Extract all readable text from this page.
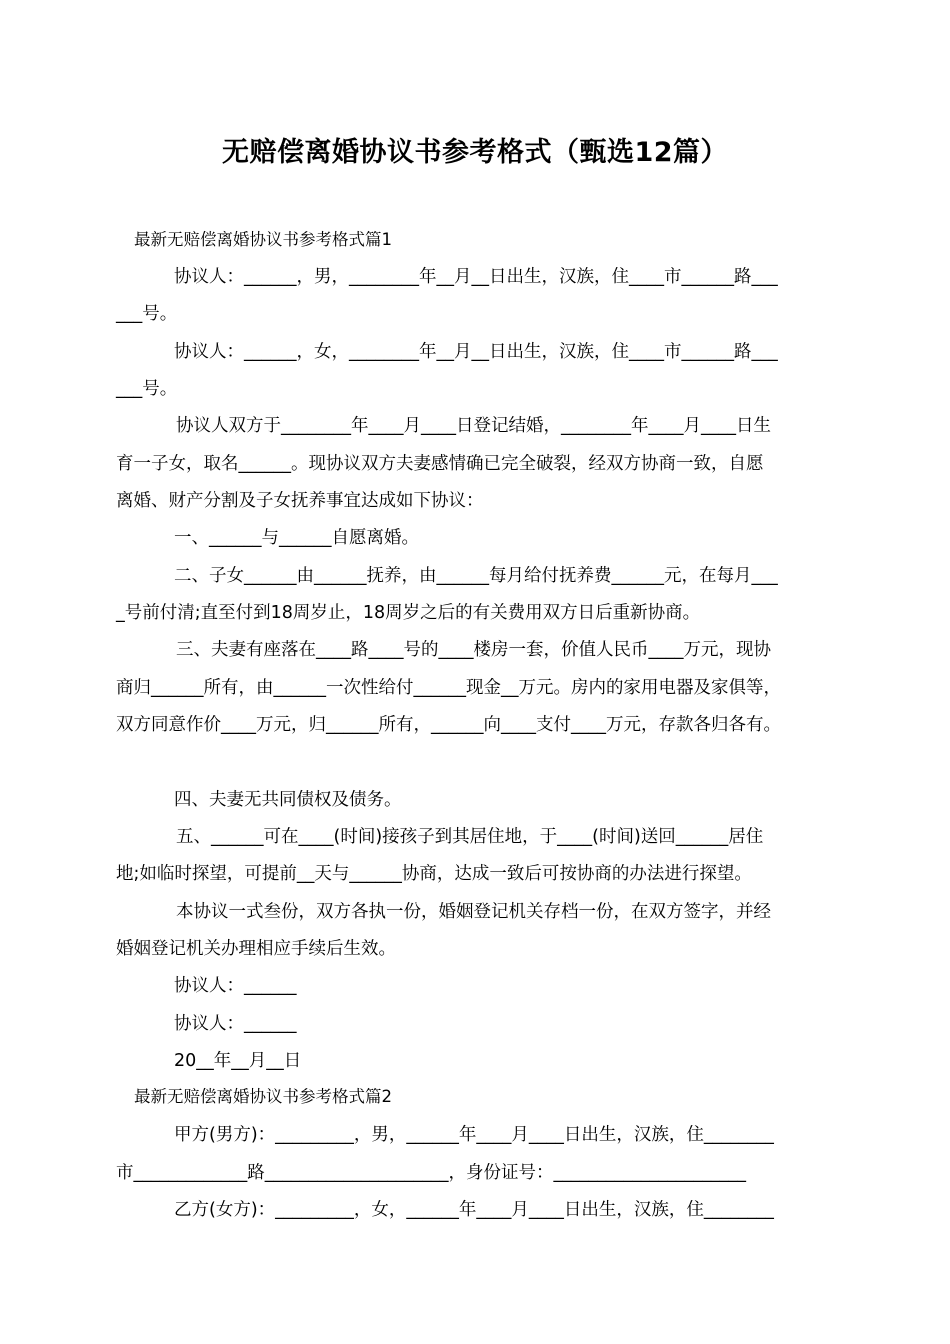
无赔偿离婚协议书参考格式（甄选12篇）
最新无赔偿离婚协议书参考格式篇1
协议人：______，男，________年__月__日出生，汉族，住____市______路___
___号。
协议人：______，女，________年__月__日出生，汉族，住____市______路___
___号。
协议人双方于________年____月____日登记结婚，________年____月____日生
育一子女，取名______。现协议双方夫妻感情确已完全破裂，经双方协商一致，自愿
离婚、财产分割及子女抚养事宜达成如下协议：
一、______与______自愿离婚。
二、子女______由______抚养，由______每月给付抚养费______元，在每月___
_号前付清;直至付到18周岁止，18周岁之后的有关费用双方日后重新协商。
三、夫妻有座落在____路____号的____楼房一套，价值人民币____万元，现协
商归______所有，由______一次性给付______现金__万元。房内的家用电器及家俱等，
双方同意作价____万元，归______所有，______向____支付____万元，存款各归各有。
四、夫妻无共同债权及债务。
五、______可在____(时间)接孩子到其居住地，于____(时间)送回______居住
地;如临时探望，可提前__天与______协商，达成一致后可按协商的办法进行探望。
本协议一式叁份，双方各执一份，婚姻登记机关存档一份，在双方签字，并经
婚姻登记机关办理相应手续后生效。
协议人：______
协议人：______
20__年__月__日
最新无赔偿离婚协议书参考格式篇2
甲方(男方)：_________，男，______年____月____日出生，汉族，住________
市_____________路_____________________，身份证号：______________________
乙方(女方)：_________，女，______年____月____日出生，汉族，住________
